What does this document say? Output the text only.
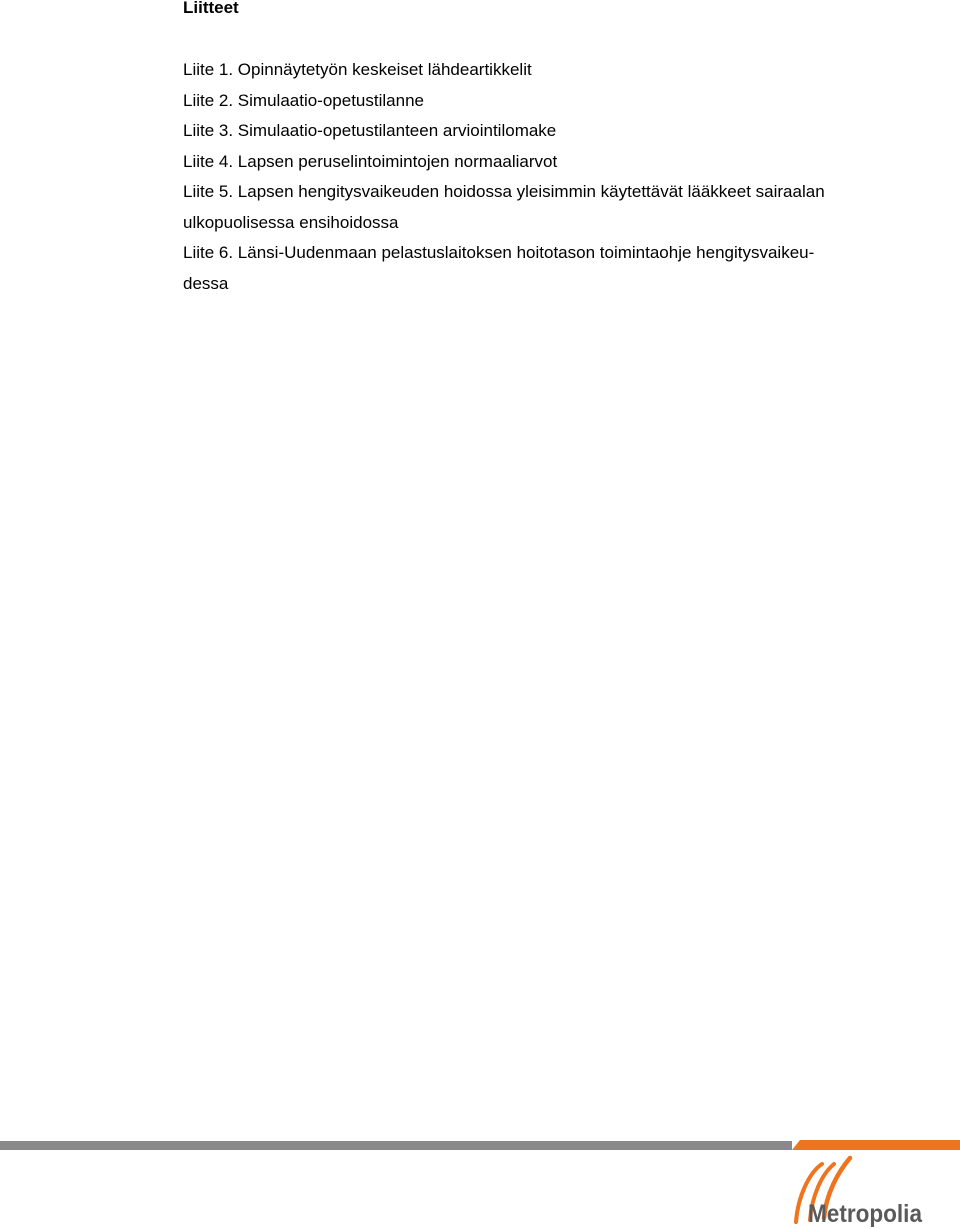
Liitteet
Liite 1. Opinnäytetyön keskeiset lähdeartikkelit
Liite 2. Simulaatio-opetustilanne
Liite 3. Simulaatio-opetustilanteen arviointilomake
Liite 4. Lapsen peruselintoimintojen normaaliarvot
Liite 5. Lapsen hengitysvaikeuden hoidossa yleisimmin käytettävät lääkkeet sairaalan
ulkopuolisessa ensihoidossa
Liite 6. Länsi-Uudenmaan pelastuslaitoksen hoitotason toimintaohje hengitysvaikeu-
dessa
Metropolia
